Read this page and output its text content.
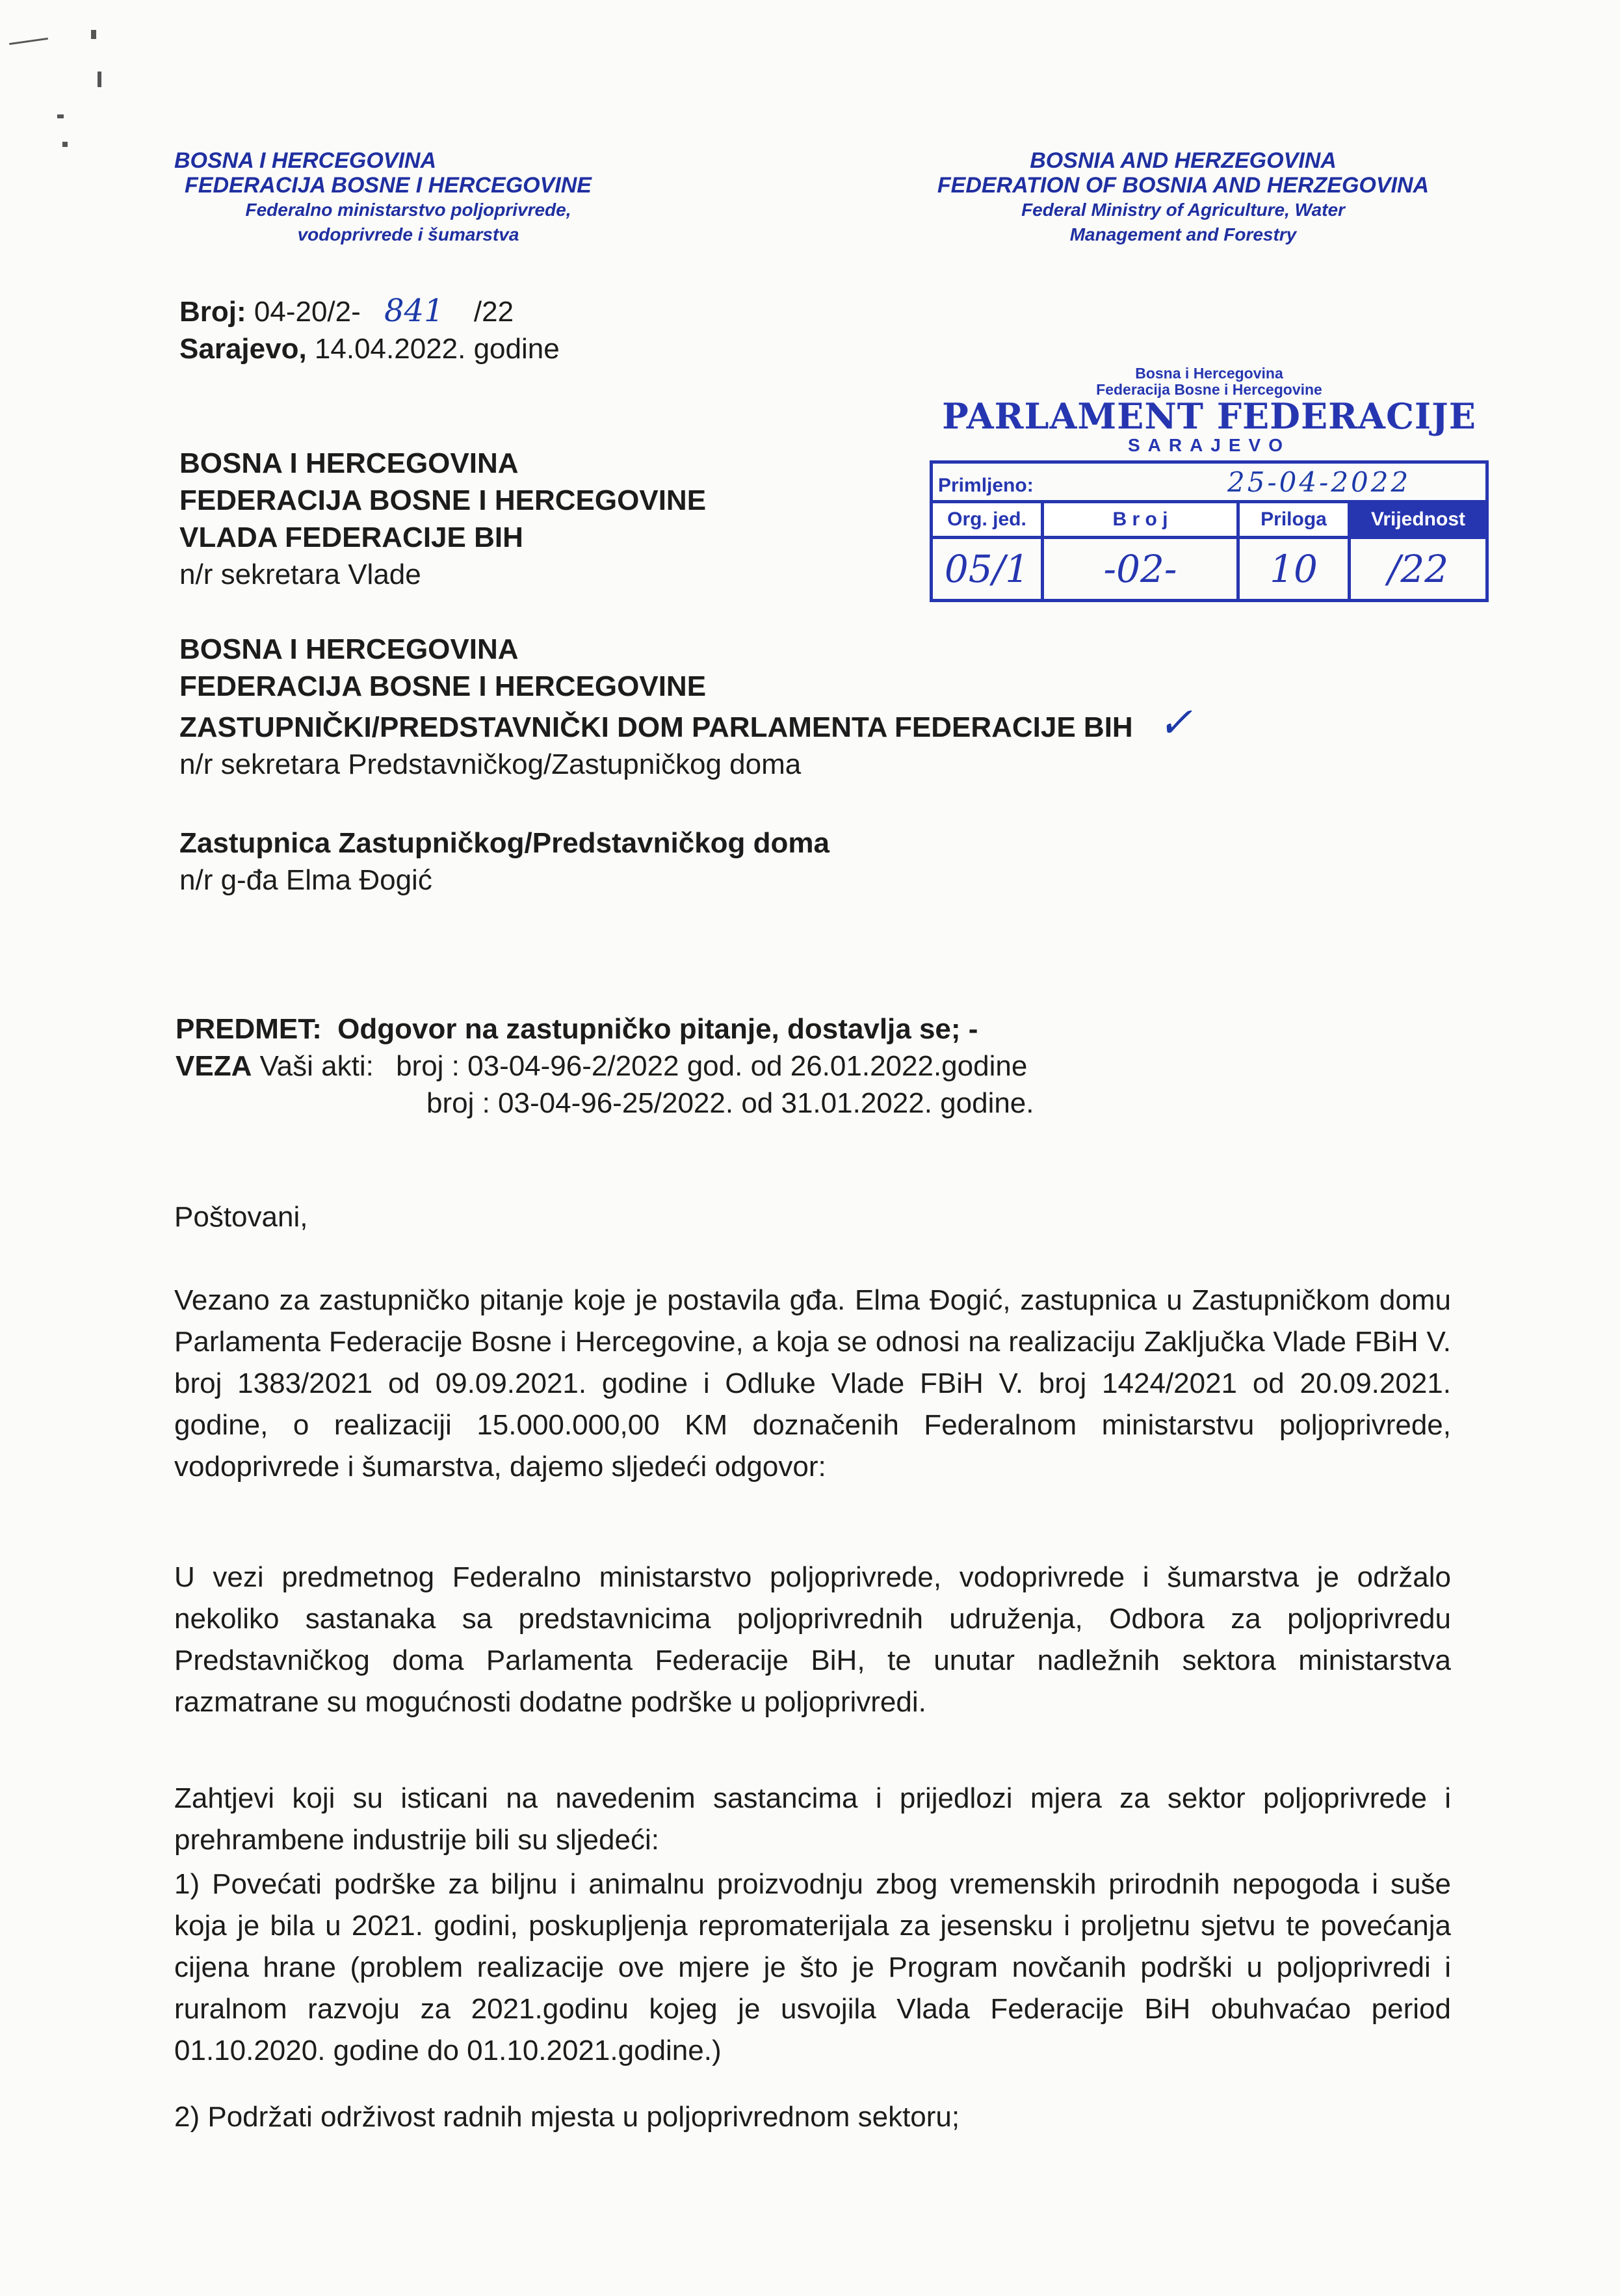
BOSNA I HERCEGOVINA
FEDERACIJA BOSNE I HERCEGOVINE
Federalno ministarstvo poljoprivrede,
vodoprivrede i šumarstva
BOSNIA AND HERZEGOVINA
FEDERATION OF BOSNIA AND HERZEGOVINA
Federal Ministry of Agriculture, Water
Management and Forestry
Broj: 04-20/2- 841 /22
Sarajevo, 14.04.2022. godine
Bosna i Hercegovina
Federacija Bosne i Hercegovine
PARLAMENT FEDERACIJE
SARAJEVO
Primljeno: 25-04-2022			
Org. jed.	B r o j	Priloga	Vrijednost
05/1	-02-	10	/22
BOSNA I HERCEGOVINA
FEDERACIJA BOSNE I HERCEGOVINE
VLADA FEDERACIJE BIH
n/r sekretara Vlade
BOSNA I HERCEGOVINA
FEDERACIJA BOSNE I HERCEGOVINE
ZASTUPNIČKI/PREDSTAVNIČKI DOM PARLAMENTA FEDERACIJE BIH ✓
n/r sekretara Predstavničkog/Zastupničkog doma
Zastupnica Zastupničkog/Predstavničkog doma
n/r g-đa Elma Đogić
PREDMET: Odgovor na zastupničko pitanje, dostavlja se; -
VEZA Vaši akti: broj : 03-04-96-2/2022 god. od 26.01.2022.godine
broj : 03-04-96-25/2022. od 31.01.2022. godine.
Poštovani,
Vezano za zastupničko pitanje koje je postavila gđa. Elma Đogić, zastupnica u Zastupničkom domu Parlamenta Federacije Bosne i Hercegovine, a koja se odnosi na realizaciju Zaključka Vlade FBiH V. broj 1383/2021 od 09.09.2021. godine i Odluke Vlade FBiH V. broj 1424/2021 od 20.09.2021. godine, o realizaciji 15.000.000,00 KM doznačenih Federalnom ministarstvu poljoprivrede, vodoprivrede i šumarstva, dajemo sljedeći odgovor:
U vezi predmetnog Federalno ministarstvo poljoprivrede, vodoprivrede i šumarstva je održalo nekoliko sastanaka sa predstavnicima poljoprivrednih udruženja, Odbora za poljoprivredu Predstavničkog doma Parlamenta Federacije BiH, te unutar nadležnih sektora ministarstva razmatrane su mogućnosti dodatne podrške u poljoprivredi.
Zahtjevi koji su isticani na navedenim sastancima i prijedlozi mjera za sektor poljoprivrede i prehrambene industrije bili su sljedeći:
1) Povećati podrške za biljnu i animalnu proizvodnju zbog vremenskih prirodnih nepogoda i suše koja je bila u 2021. godini, poskupljenja repromaterijala za jesensku i proljetnu sjetvu te povećanja cijena hrane (problem realizacije ove mjere je što je Program novčanih podrški u poljoprivredi i ruralnom razvoju za 2021.godinu kojeg je usvojila Vlada Federacije BiH obuhvaćao period 01.10.2020. godine do 01.10.2021.godine.)
2) Podržati održivost radnih mjesta u poljoprivrednom sektoru;
